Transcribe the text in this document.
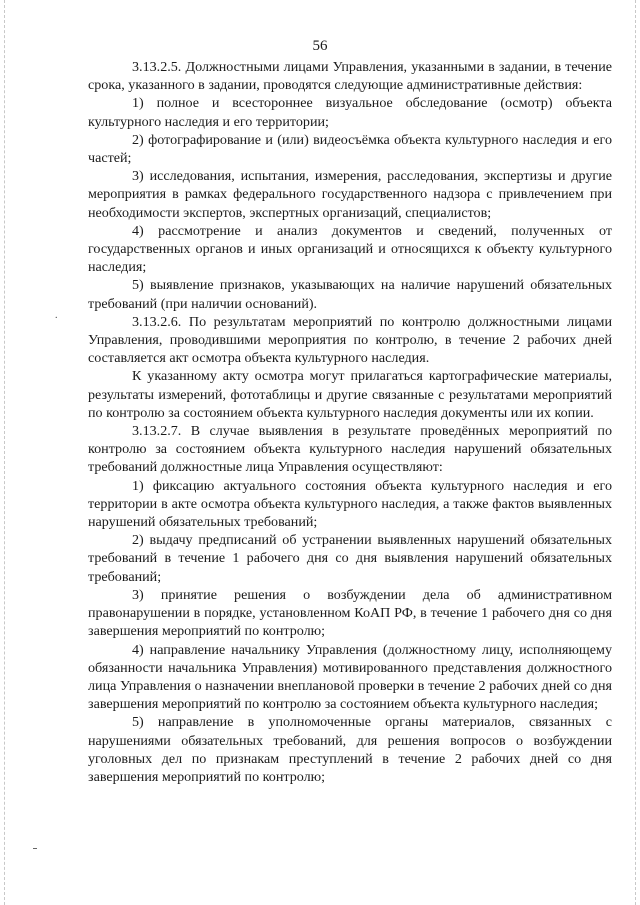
.
56

3.13.2.5. Должностными лицами Управления, указанными в задании, в течение срока, указанного в задании, проводятся следующие административные действия:

1) полное и всестороннее визуальное обследование (осмотр) объекта культурного наследия и его территории;

2) фотографирование и (или) видеосъёмка объекта культурного наследия и его частей;

3) исследования, испытания, измерения, расследования, экспертизы и другие мероприятия в рамках федерального государственного надзора с привлечением при необходимости экспертов, экспертных организаций, специалистов;

4) рассмотрение и анализ документов и сведений, полученных от государственных органов и иных организаций и относящихся к объекту культурного наследия;

5) выявление признаков, указывающих на наличие нарушений обязательных требований (при наличии оснований).

3.13.2.6. По результатам мероприятий по контролю должностными лицами Управления, проводившими мероприятия по контролю, в течение 2 рабочих дней составляется акт осмотра объекта культурного наследия.

К указанному акту осмотра могут прилагаться картографические материалы, результаты измерений, фототаблицы и другие связанные с результатами мероприятий по контролю за состоянием объекта культурного наследия документы или их копии.

3.13.2.7. В случае выявления в результате проведённых мероприятий по контролю за состоянием объекта культурного наследия нарушений обязательных требований должностные лица Управления осуществляют:

1) фиксацию актуального состояния объекта культурного наследия и его территории в акте осмотра объекта культурного наследия, а также фактов выявленных нарушений обязательных требований;

2) выдачу предписаний об устранении выявленных нарушений обязательных требований в течение 1 рабочего дня со дня выявления нарушений обязательных требований;

3) принятие решения о возбуждении дела об административном правонарушении в порядке, установленном КоАП РФ, в течение 1 рабочего дня со дня завершения мероприятий по контролю;

4) направление начальнику Управления (должностному лицу, исполняющему обязанности начальника Управления) мотивированного представления должностного лица Управления о назначении внеплановой проверки в течение 2 рабочих дней со дня завершения мероприятий по контролю за состоянием объекта культурного наследия;

5) направление в уполномоченные органы материалов, связанных с нарушениями обязательных требований, для решения вопросов о возбуждении уголовных дел по признакам преступлений в течение 2 рабочих дней со дня завершения мероприятий по контролю;
